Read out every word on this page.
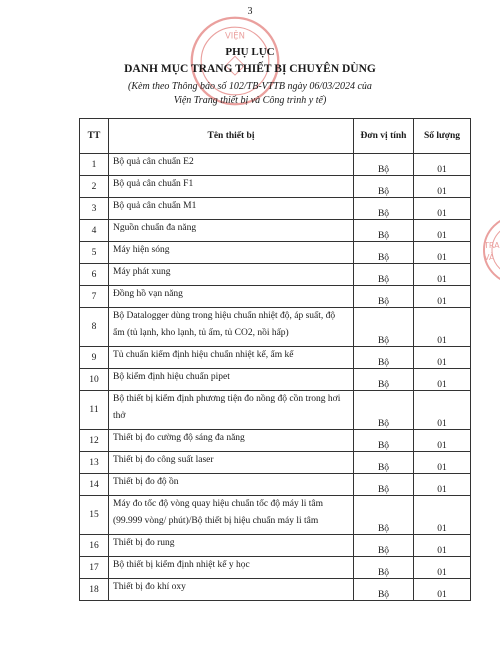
3
VIỆN
TRA
VÀ
PHỤ LỤC
DANH MỤC TRANG THIẾT BỊ CHUYÊN DÙNG
(Kèm theo Thông báo số 102/TB-VTTB ngày 06/03/2024 của
Viện Trang thiết bị và Công trình y tế)
TT	Tên thiết bị	Đơn vị tính	Số lượng
1	Bộ quả cân chuẩn E2	Bộ	01
2	Bộ quả cân chuẩn F1	Bộ	01
3	Bộ quả cân chuẩn M1	Bộ	01
4	Nguồn chuẩn đa năng	Bộ	01
5	Máy hiện sóng	Bộ	01
6	Máy phát xung	Bộ	01
7	Đồng hồ vạn năng	Bộ	01
8	Bộ Datalogger dùng trong hiệu chuẩn nhiệt độ, áp suất, độ ẩm (tủ lạnh, kho lạnh, tủ ấm, tủ CO2, nồi hấp)	Bộ	01
9	Tủ chuẩn kiểm định hiệu chuẩn nhiệt kế, ẩm kế	Bộ	01
10	Bộ kiểm định hiệu chuẩn pipet	Bộ	01
11	Bộ thiết bị kiểm định phương tiện đo nồng độ cồn trong hơi thở	Bộ	01
12	Thiết bị đo cường độ sáng đa năng	Bộ	01
13	Thiết bị đo công suất laser	Bộ	01
14	Thiết bị đo độ ồn	Bộ	01
15	Máy đo tốc độ vòng quay hiệu chuẩn tốc độ máy li tâm (99.999 vòng/ phút)/Bộ thiết bị hiệu chuẩn máy li tâm	Bộ	01
16	Thiết bị đo rung	Bộ	01
17	Bộ thiết bị kiểm định nhiệt kế y học	Bộ	01
18	Thiết bị đo khí oxy	Bộ	01
